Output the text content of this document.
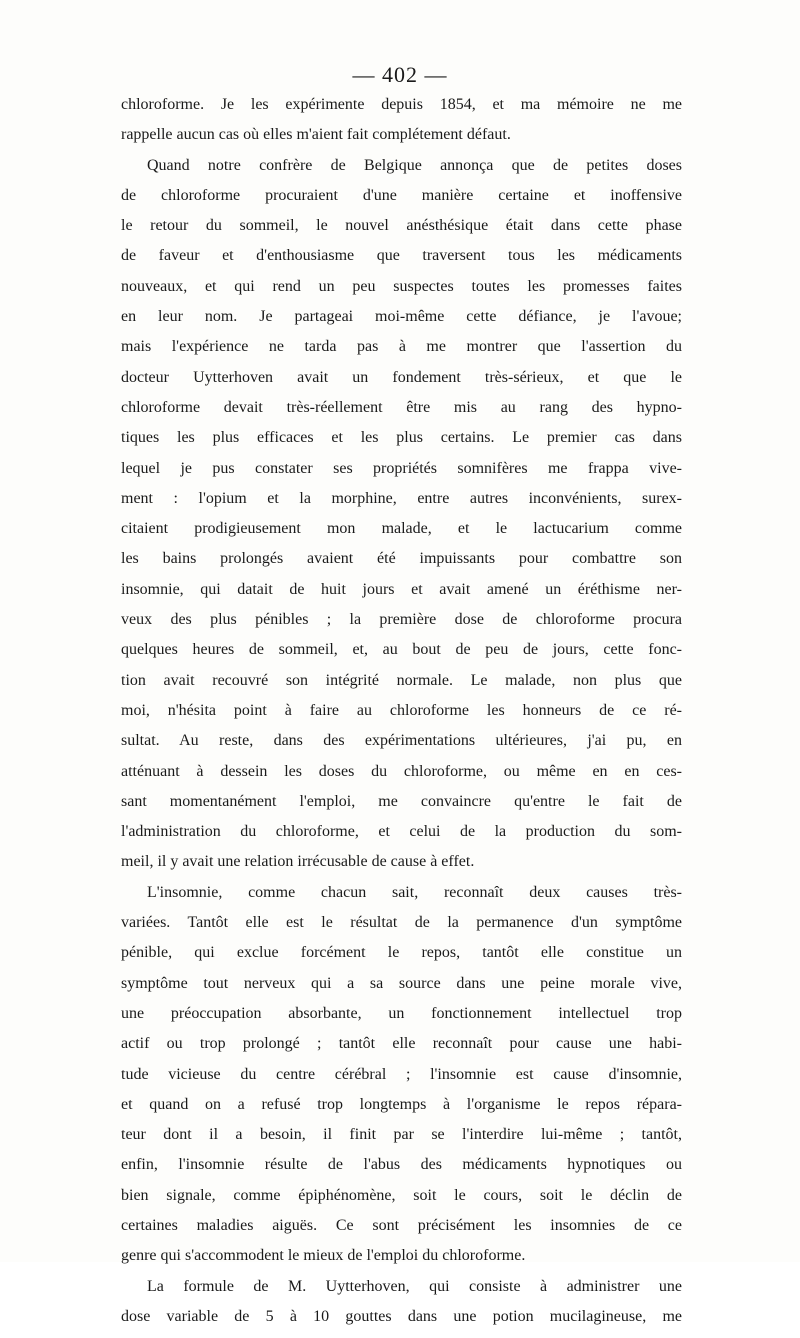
— 402 —
chloroforme. Je les expérimente depuis 1854, et ma mémoire ne me
rappelle aucun cas où elles m'aient fait complétement défaut.
Quand notre confrère de Belgique annonça que de petites doses
de chloroforme procuraient d'une manière certaine et inoffensive
le retour du sommeil, le nouvel anésthésique était dans cette phase
de faveur et d'enthousiasme que traversent tous les médicaments
nouveaux, et qui rend un peu suspectes toutes les promesses faites
en leur nom. Je partageai moi-même cette défiance, je l'avoue;
mais l'expérience ne tarda pas à me montrer que l'assertion du
docteur Uytterhoven avait un fondement très-sérieux, et que le
chloroforme devait très-réellement être mis au rang des hypno-
tiques les plus efficaces et les plus certains. Le premier cas dans
lequel je pus constater ses propriétés somnifères me frappa vive-
ment : l'opium et la morphine, entre autres inconvénients, surex-
citaient prodigieusement mon malade, et le lactucarium comme
les bains prolongés avaient été impuissants pour combattre son
insomnie, qui datait de huit jours et avait amené un éréthisme ner-
veux des plus pénibles ; la première dose de chloroforme procura
quelques heures de sommeil, et, au bout de peu de jours, cette fonc-
tion avait recouvré son intégrité normale. Le malade, non plus que
moi, n'hésita point à faire au chloroforme les honneurs de ce ré-
sultat. Au reste, dans des expérimentations ultérieures, j'ai pu, en
atténuant à dessein les doses du chloroforme, ou même en en ces-
sant momentanément l'emploi, me convaincre qu'entre le fait de
l'administration du chloroforme, et celui de la production du som-
meil, il y avait une relation irrécusable de cause à effet.
L'insomnie, comme chacun sait, reconnaît deux causes très-
variées. Tantôt elle est le résultat de la permanence d'un symptôme
pénible, qui exclue forcément le repos, tantôt elle constitue un
symptôme tout nerveux qui a sa source dans une peine morale vive,
une préoccupation absorbante, un fonctionnement intellectuel trop
actif ou trop prolongé ; tantôt elle reconnaît pour cause une habi-
tude vicieuse du centre cérébral ; l'insomnie est cause d'insomnie,
et quand on a refusé trop longtemps à l'organisme le repos répara-
teur dont il a besoin, il finit par se l'interdire lui-même ; tantôt,
enfin, l'insomnie résulte de l'abus des médicaments hypnotiques ou
bien signale, comme épiphénomène, soit le cours, soit le déclin de
certaines maladies aiguës. Ce sont précisément les insomnies de ce
genre qui s'accommodent le mieux de l'emploi du chloroforme.
La formule de M. Uytterhoven, qui consiste à administrer une
dose variable de 5 à 10 gouttes dans une potion mucilagineuse, me
